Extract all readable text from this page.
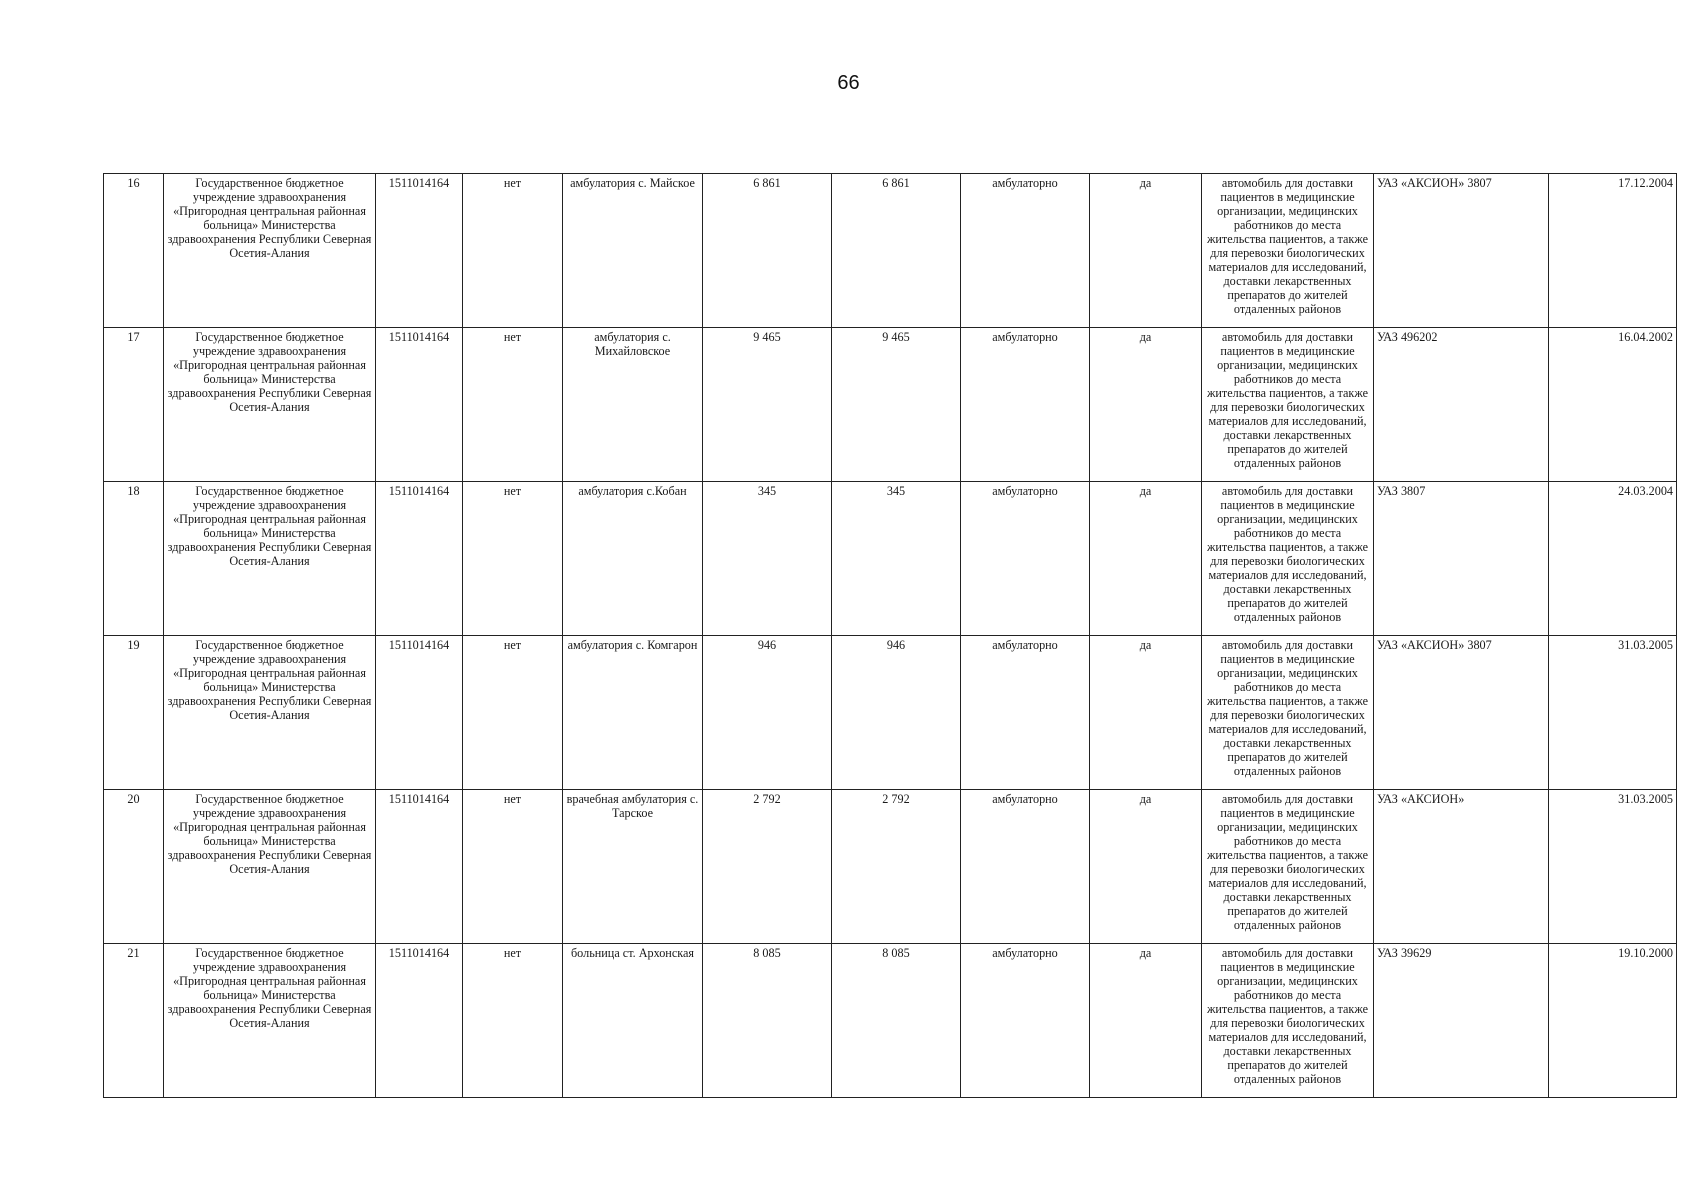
66
16	Государственное бюджетное учреждение здравоохранения «Пригородная центральная районная больница» Министерства здравоохранения Республики Северная Осетия-Алания	1511014164	нет	амбулатория с. Майское	6 861	6 861	амбулаторно	да	автомобиль для доставки пациентов в медицинские организации, медицинских работников до места жительства пациентов, а также для перевозки биологических материалов для исследований, доставки лекарственных препаратов до жителей отдаленных районов	УАЗ «АКСИОН» 3807	17.12.2004
17	Государственное бюджетное учреждение здравоохранения «Пригородная центральная районная больница» Министерства здравоохранения Республики Северная Осетия-Алания	1511014164	нет	амбулатория с. Михайловское	9 465	9 465	амбулаторно	да	автомобиль для доставки пациентов в медицинские организации, медицинских работников до места жительства пациентов, а также для перевозки биологических материалов для исследований, доставки лекарственных препаратов до жителей отдаленных районов	УАЗ 496202	16.04.2002
18	Государственное бюджетное учреждение здравоохранения «Пригородная центральная районная больница» Министерства здравоохранения Республики Северная Осетия-Алания	1511014164	нет	амбулатория с.Кобан	345	345	амбулаторно	да	автомобиль для доставки пациентов в медицинские организации, медицинских работников до места жительства пациентов, а также для перевозки биологических материалов для исследований, доставки лекарственных препаратов до жителей отдаленных районов	УАЗ 3807	24.03.2004
19	Государственное бюджетное учреждение здравоохранения «Пригородная центральная районная больница» Министерства здравоохранения Республики Северная Осетия-Алания	1511014164	нет	амбулатория с. Комгарон	946	946	амбулаторно	да	автомобиль для доставки пациентов в медицинские организации, медицинских работников до места жительства пациентов, а также для перевозки биологических материалов для исследований, доставки лекарственных препаратов до жителей отдаленных районов	УАЗ «АКСИОН» 3807	31.03.2005
20	Государственное бюджетное учреждение здравоохранения «Пригородная центральная районная больница» Министерства здравоохранения Республики Северная Осетия-Алания	1511014164	нет	врачебная амбулатория с. Тарское	2 792	2 792	амбулаторно	да	автомобиль для доставки пациентов в медицинские организации, медицинских работников до места жительства пациентов, а также для перевозки биологических материалов для исследований, доставки лекарственных препаратов до жителей отдаленных районов	УАЗ «АКСИОН»	31.03.2005
21	Государственное бюджетное учреждение здравоохранения «Пригородная центральная районная больница» Министерства здравоохранения Республики Северная Осетия-Алания	1511014164	нет	больница ст. Архонская	8 085	8 085	амбулаторно	да	автомобиль для доставки пациентов в медицинские организации, медицинских работников до места жительства пациентов, а также для перевозки биологических материалов для исследований, доставки лекарственных препаратов до жителей отдаленных районов	УАЗ 39629	19.10.2000
